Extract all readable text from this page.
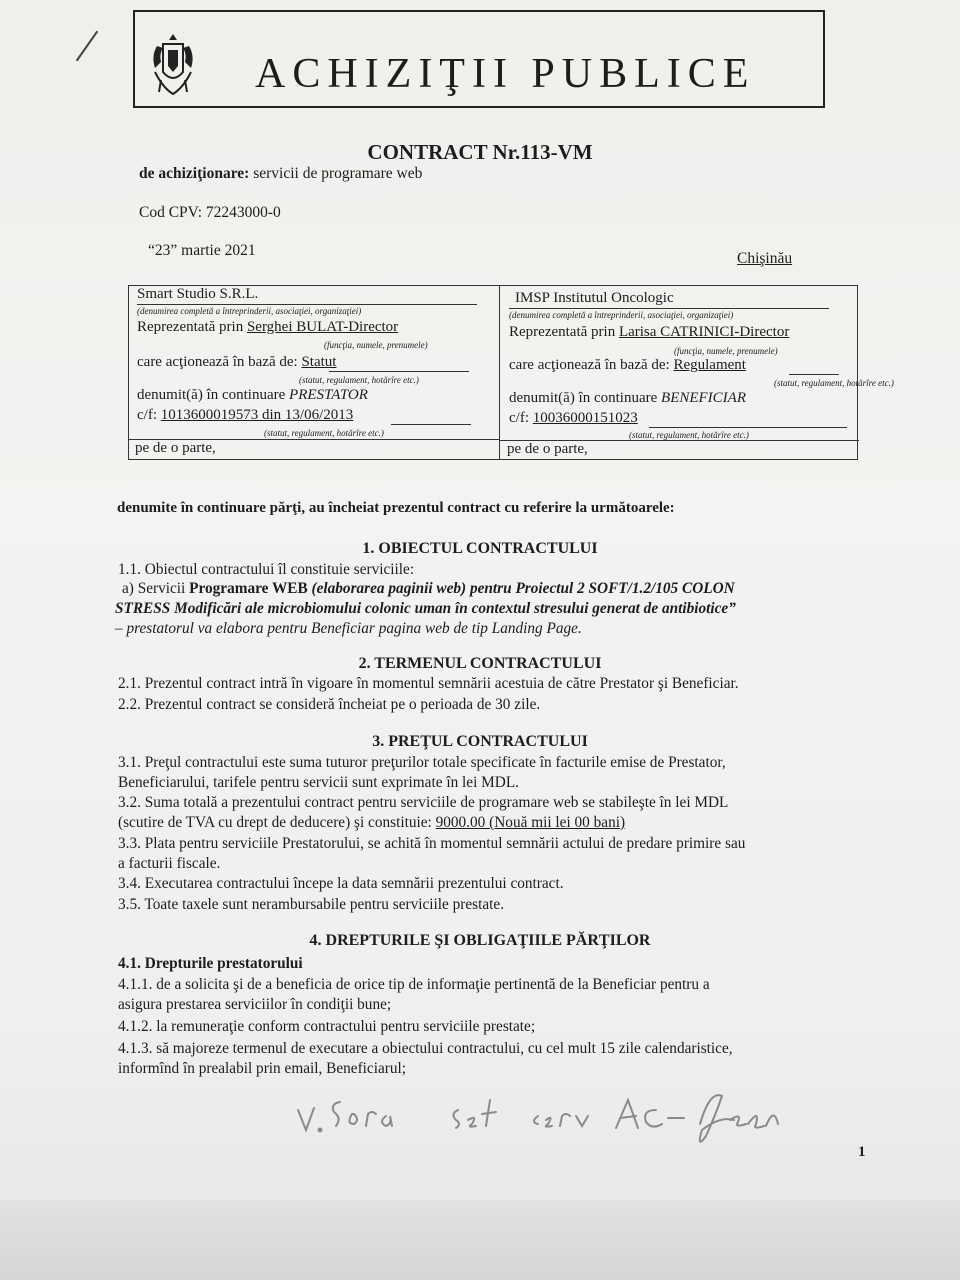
ACHIZIŢII PUBLICE
CONTRACT Nr.113-VM
de achiziţionare: servicii de programare web
Cod CPV: 72243000-0
“23” martie 2021	Chişinău
Smart Studio S.R.L.
(denumirea completă a întreprinderii, asociaţiei, organizaţiei)
Reprezentată prin Serghei BULAT-Director
(funcţia, numele, prenumele)
care acţionează în bază de: Statut
(statut, regulament, hotărîre etc.)
denumit(ă) în continuare PRESTATOR
c/f: 1013600019573 din 13/06/2013
(statut, regulament, hotărîre etc.)
pe de o parte,
IMSP Institutul Oncologic
(denumirea completă a întreprinderii, asociaţiei, organizaţiei)
Reprezentată prin Larisa CATRINICI-Director
(funcţia, numele, prenumele)
care acţionează în bază de: Regulament
(statut, regulament, hotărîre etc.)
denumit(ă) în continuare BENEFICIAR
c/f: 10036000151023
(statut, regulament, hotărîre etc.)
pe de o parte,
denumite în continuare părţi, au încheiat prezentul contract cu referire la următoarele:
1. OBIECTUL CONTRACTULUI
1.1. Obiectul contractului îl constituie serviciile:
a) Servicii Programare WEB (elaborarea paginii web) pentru Proiectul 2 SOFT/1.2/105 COLON
STRESS Modificări ale microbiomului colonic uman în contextul stresului generat de antibiotice”
– prestatorul va elabora pentru Beneficiar pagina web de tip Landing Page.
2. TERMENUL CONTRACTULUI
2.1. Prezentul contract intră în vigoare în momentul semnării acestuia de către Prestator şi Beneficiar.
2.2. Prezentul contract se consideră încheiat pe o perioada de 30 zile.
3. PREŢUL CONTRACTULUI
3.1. Preţul contractului este suma tuturor preţurilor totale specificate în facturile emise de Prestator,
Beneficiarului, tarifele pentru servicii sunt exprimate în lei MDL.
3.2. Suma totală a prezentului contract pentru serviciile de programare web se stabileşte în lei MDL
(scutire de TVA cu drept de deducere) şi constituie: 9000.00 (Nouă mii lei 00 bani)
3.3. Plata pentru serviciile Prestatorului, se achită în momentul semnării actului de predare primire sau
a facturii fiscale.
3.4. Executarea contractului începe la data semnării prezentului contract.
3.5. Toate taxele sunt nerambursabile pentru serviciile prestate.
4. DREPTURILE ŞI OBLIGAŢIILE PĂRŢILOR
4.1. Drepturile prestatorului
4.1.1. de a solicita şi de a beneficia de orice tip de informaţie pertinentă de la Beneficiar pentru a
asigura prestarea serviciilor în condiţii bune;
4.1.2. la remuneraţie conform contractului pentru serviciile prestate;
4.1.3. să majoreze termenul de executare a obiectului contractului, cu cel mult 15 zile calendaristice,
informînd în prealabil prin email, Beneficiarul;
V. Sora şef serv. AC
1
